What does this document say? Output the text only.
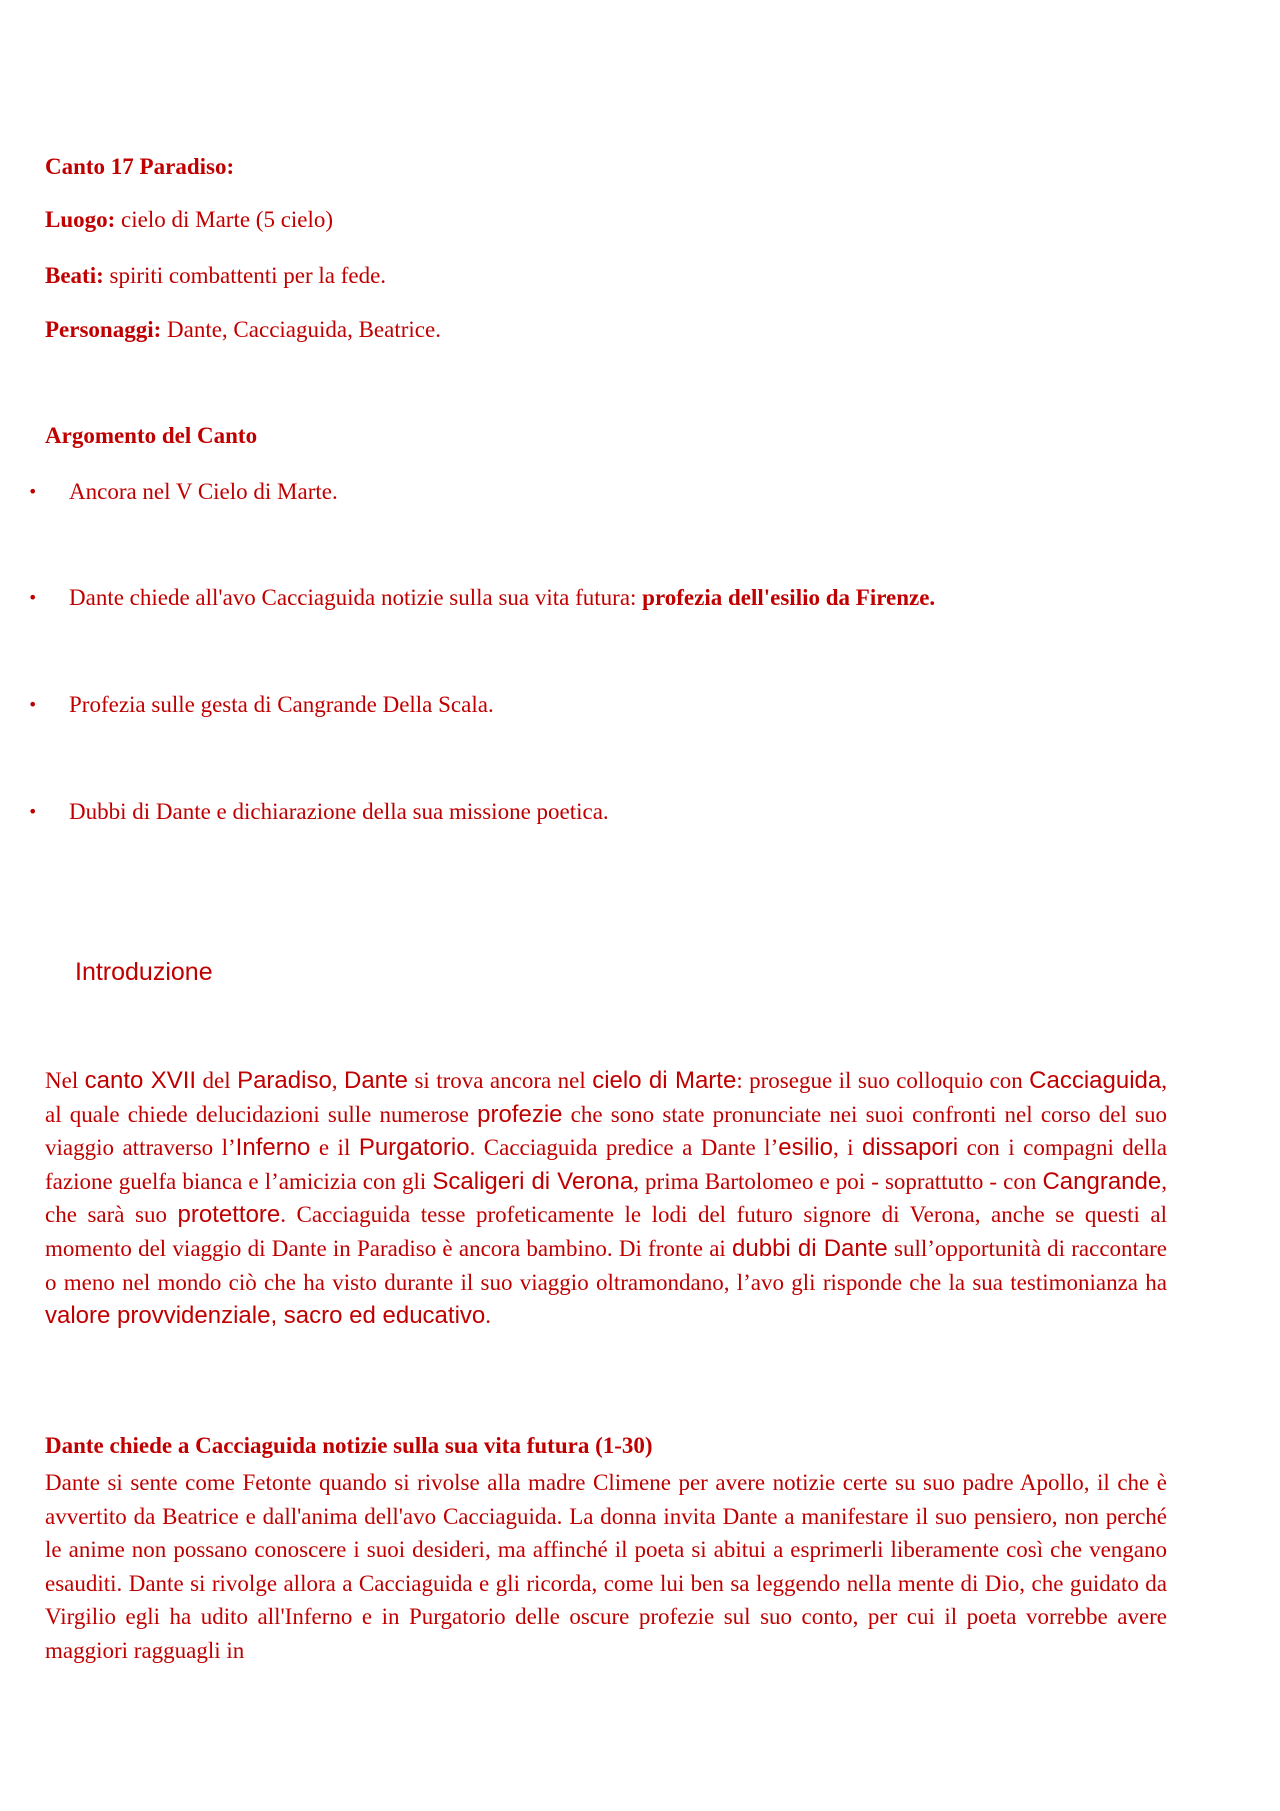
Canto 17 Paradiso:
Luogo: cielo di Marte (5 cielo)
Beati: spiriti combattenti per la fede.
Personaggi: Dante, Cacciaguida, Beatrice.
Argomento del Canto
• Ancora nel V Cielo di Marte.
• Dante chiede all'avo Cacciaguida notizie sulla sua vita futura: profezia dell'esilio da Firenze.
• Profezia sulle gesta di Cangrande Della Scala.
• Dubbi di Dante e dichiarazione della sua missione poetica.
Introduzione
Nel canto XVII del Paradiso, Dante si trova ancora nel cielo di Marte: prosegue il suo colloquio con Cacciaguida, al quale chiede delucidazioni sulle numerose profezie che sono state pronunciate nei suoi confronti nel corso del suo viaggio attraverso l’Inferno e il Purgatorio. Cacciaguida predice a Dante l’esilio, i dissapori con i compagni della fazione guelfa bianca e l’amicizia con gli Scaligeri di Verona, prima Bartolomeo e poi - soprattutto - con Cangrande, che sarà suo protettore. Cacciaguida tesse profeticamente le lodi del futuro signore di Verona, anche se questi al momento del viaggio di Dante in Paradiso è ancora bambino. Di fronte ai dubbi di Dante sull’opportunità di raccontare o meno nel mondo ciò che ha visto durante il suo viaggio oltramondano, l’avo gli risponde che la sua testimonianza ha valore provvidenziale, sacro ed educativo.
Dante chiede a Cacciaguida notizie sulla sua vita futura (1-30)
Dante si sente come Fetonte quando si rivolse alla madre Climene per avere notizie certe su suo padre Apollo, il che è avvertito da Beatrice e dall'anima dell'avo Cacciaguida. La donna invita Dante a manifestare il suo pensiero, non perché le anime non possano conoscere i suoi desideri, ma affinché il poeta si abitui a esprimerli liberamente così che vengano esauditi. Dante si rivolge allora a Cacciaguida e gli ricorda, come lui ben sa leggendo nella mente di Dio, che guidato da Virgilio egli ha udito all'Inferno e in Purgatorio delle oscure profezie sul suo conto, per cui il poeta vorrebbe avere maggiori ragguagli in
